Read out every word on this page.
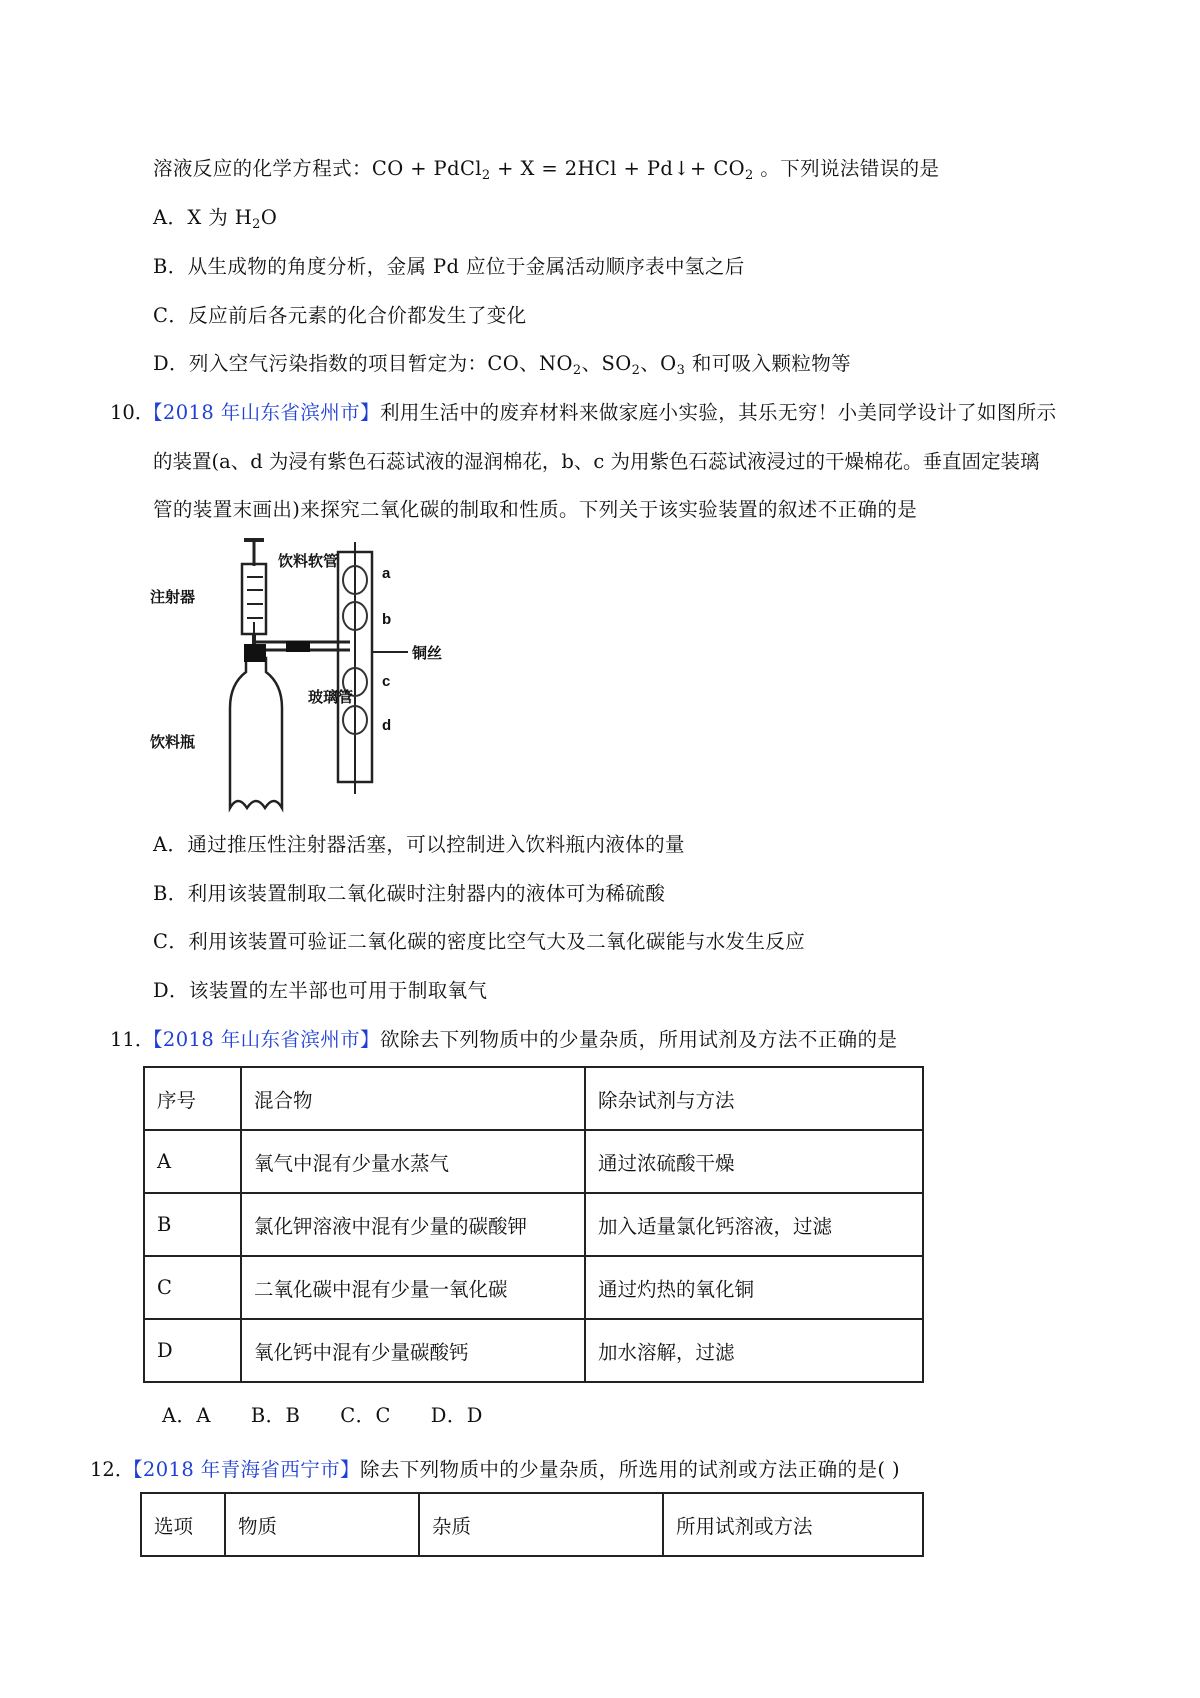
溶液反应的化学方程式：CO + PdCl$_2$ + X = 2HCl + Pd↓+ $CO_2$ 。下列说法错误的是
A．X 为 $H_2O$
B．从生成物的角度分析，金属 Pd 应位于金属活动顺序表中氢之后
C．反应前后各元素的化合价都发生了变化
D．列入空气污染指数的项目暂定为：CO、$NO_2$、$SO_2$、$O_3$ 和可吸入颗粒物等
10．
【2018 年山东省滨州市】利用生活中的废弃材料来做家庭小实验，其乐无穷！小美同学设计了如图所示
的装置(a、d 为浸有紫色石蕊试液的湿润棉花，b、c 为用紫色石蕊试液浸过的干燥棉花。垂直固定装璃
管的装置末画出)来探究二氧化碳的制取和性质。下列关于该实验装置的叙述不正确的是
注射器
饮料软管
铜丝
玻璃管
饮料瓶
a
b
c
d
A．通过推压性注射器活塞，可以控制进入饮料瓶内液体的量
B．利用该装置制取二氧化碳时注射器内的液体可为稀硫酸
C．利用该装置可验证二氧化碳的密度比空气大及二氧化碳能与水发生反应
D．该装置的左半部也可用于制取氧气
11．
【2018 年山东省滨州市】欲除去下列物质中的少量杂质，所用试剂及方法不正确的是
序号	混合物	除杂试剂与方法
A	氧气中混有少量水蒸气	通过浓硫酸干燥
B	氯化钾溶液中混有少量的碳酸钾	加入适量氯化钙溶液，过滤
C	二氧化碳中混有少量一氧化碳	通过灼热的氧化铜
D	氧化钙中混有少量碳酸钙	加水溶解，过滤
A．A B．B C．C D．D
12．
【2018 年青海省西宁市】除去下列物质中的少量杂质，所选用的试剂或方法正确的是( )
选项	物质	杂质	所用试剂或方法
